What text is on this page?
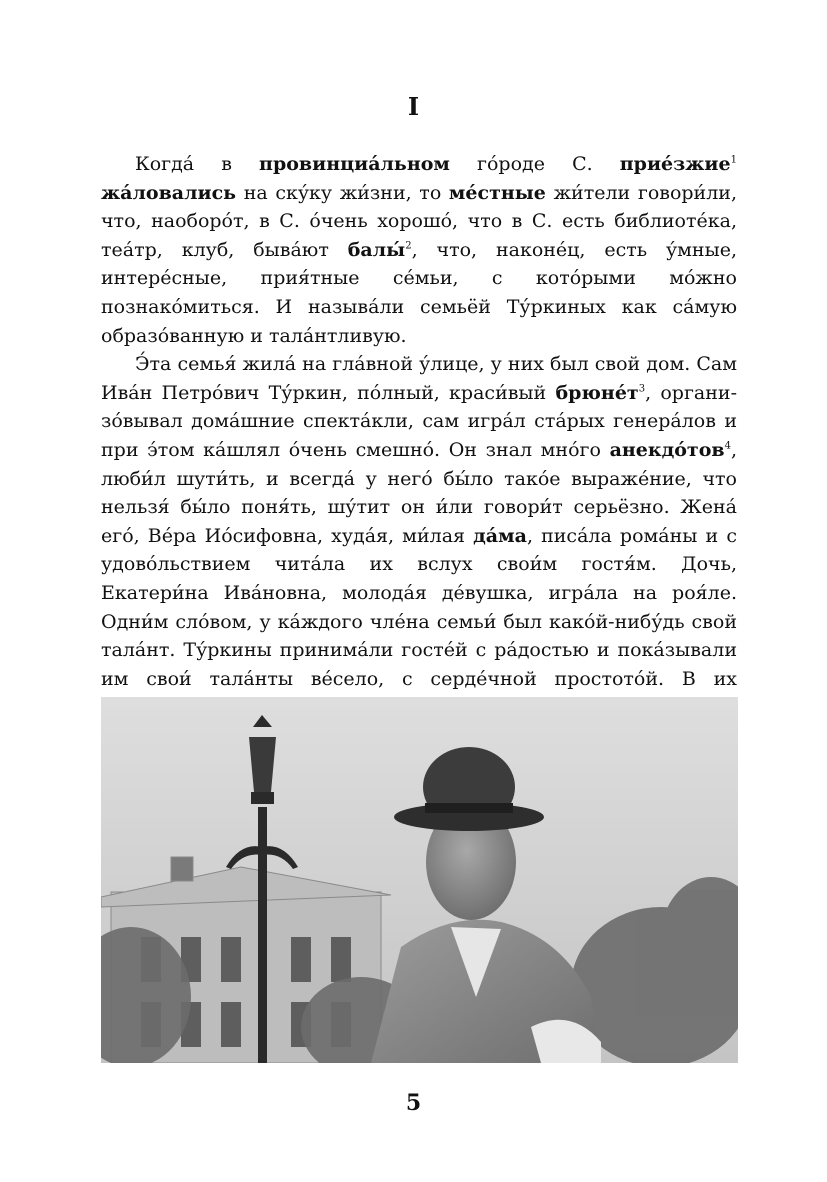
I

Когда́ в провинциа́льном го́роде С. прие́зжие$^1$ жа́ловались на ску́ку жи́зни, то ме́стные жи́тели говори́ли, что, наоборо́т, в С. о́чень хорошо́, что в С. есть библиоте́ка, теа́тр, клуб, быва́ют балы́$^2$, что, наконе́ц, есть у́мные, интере́сные, прия́тные се́мьи, с кото́рыми мо́жно познако́миться. И называ́ли семьёй Ту́ркиных как са́мую образо́ванную и тала́нтливую.

Э́та семья́ жила́ на гла́вной у́лице, у них был свой дом. Сам Ива́н Петро́вич Ту́ркин, по́лный, краси́вый $брюне́т^3$, организо́вывал дома́шние спекта́кли, сам игра́л ста́рых генера́лов и при э́том ка́шлял о́чень смешно́. Он знал мно́го анекдо́тов$^4$, люби́л шути́ть, и всегда́ у него́ бы́ло тако́е выраже́ние, что нельзя́ бы́ло поня́ть, шу́тит он и́ли говори́т серьёзно. Жена́ его́, Ве́ра Ио́сифовна, худа́я, ми́лая да́ма, писа́ла рома́ны и с удово́льствием чита́ла их вслух свои́м гостя́м. Дочь, Екатери́на Ива́новна, молода́я де́вушка, игра́ла на роя́ле. Одни́м сло́вом, у ка́ждого чле́на семьи́ был како́й-нибу́дь свой тала́нт. Ту́ркины принима́ли госте́й с ра́достью и пока́зывали им свои́ тала́нты ве́село, с серде́чной простото́й. В их

5
